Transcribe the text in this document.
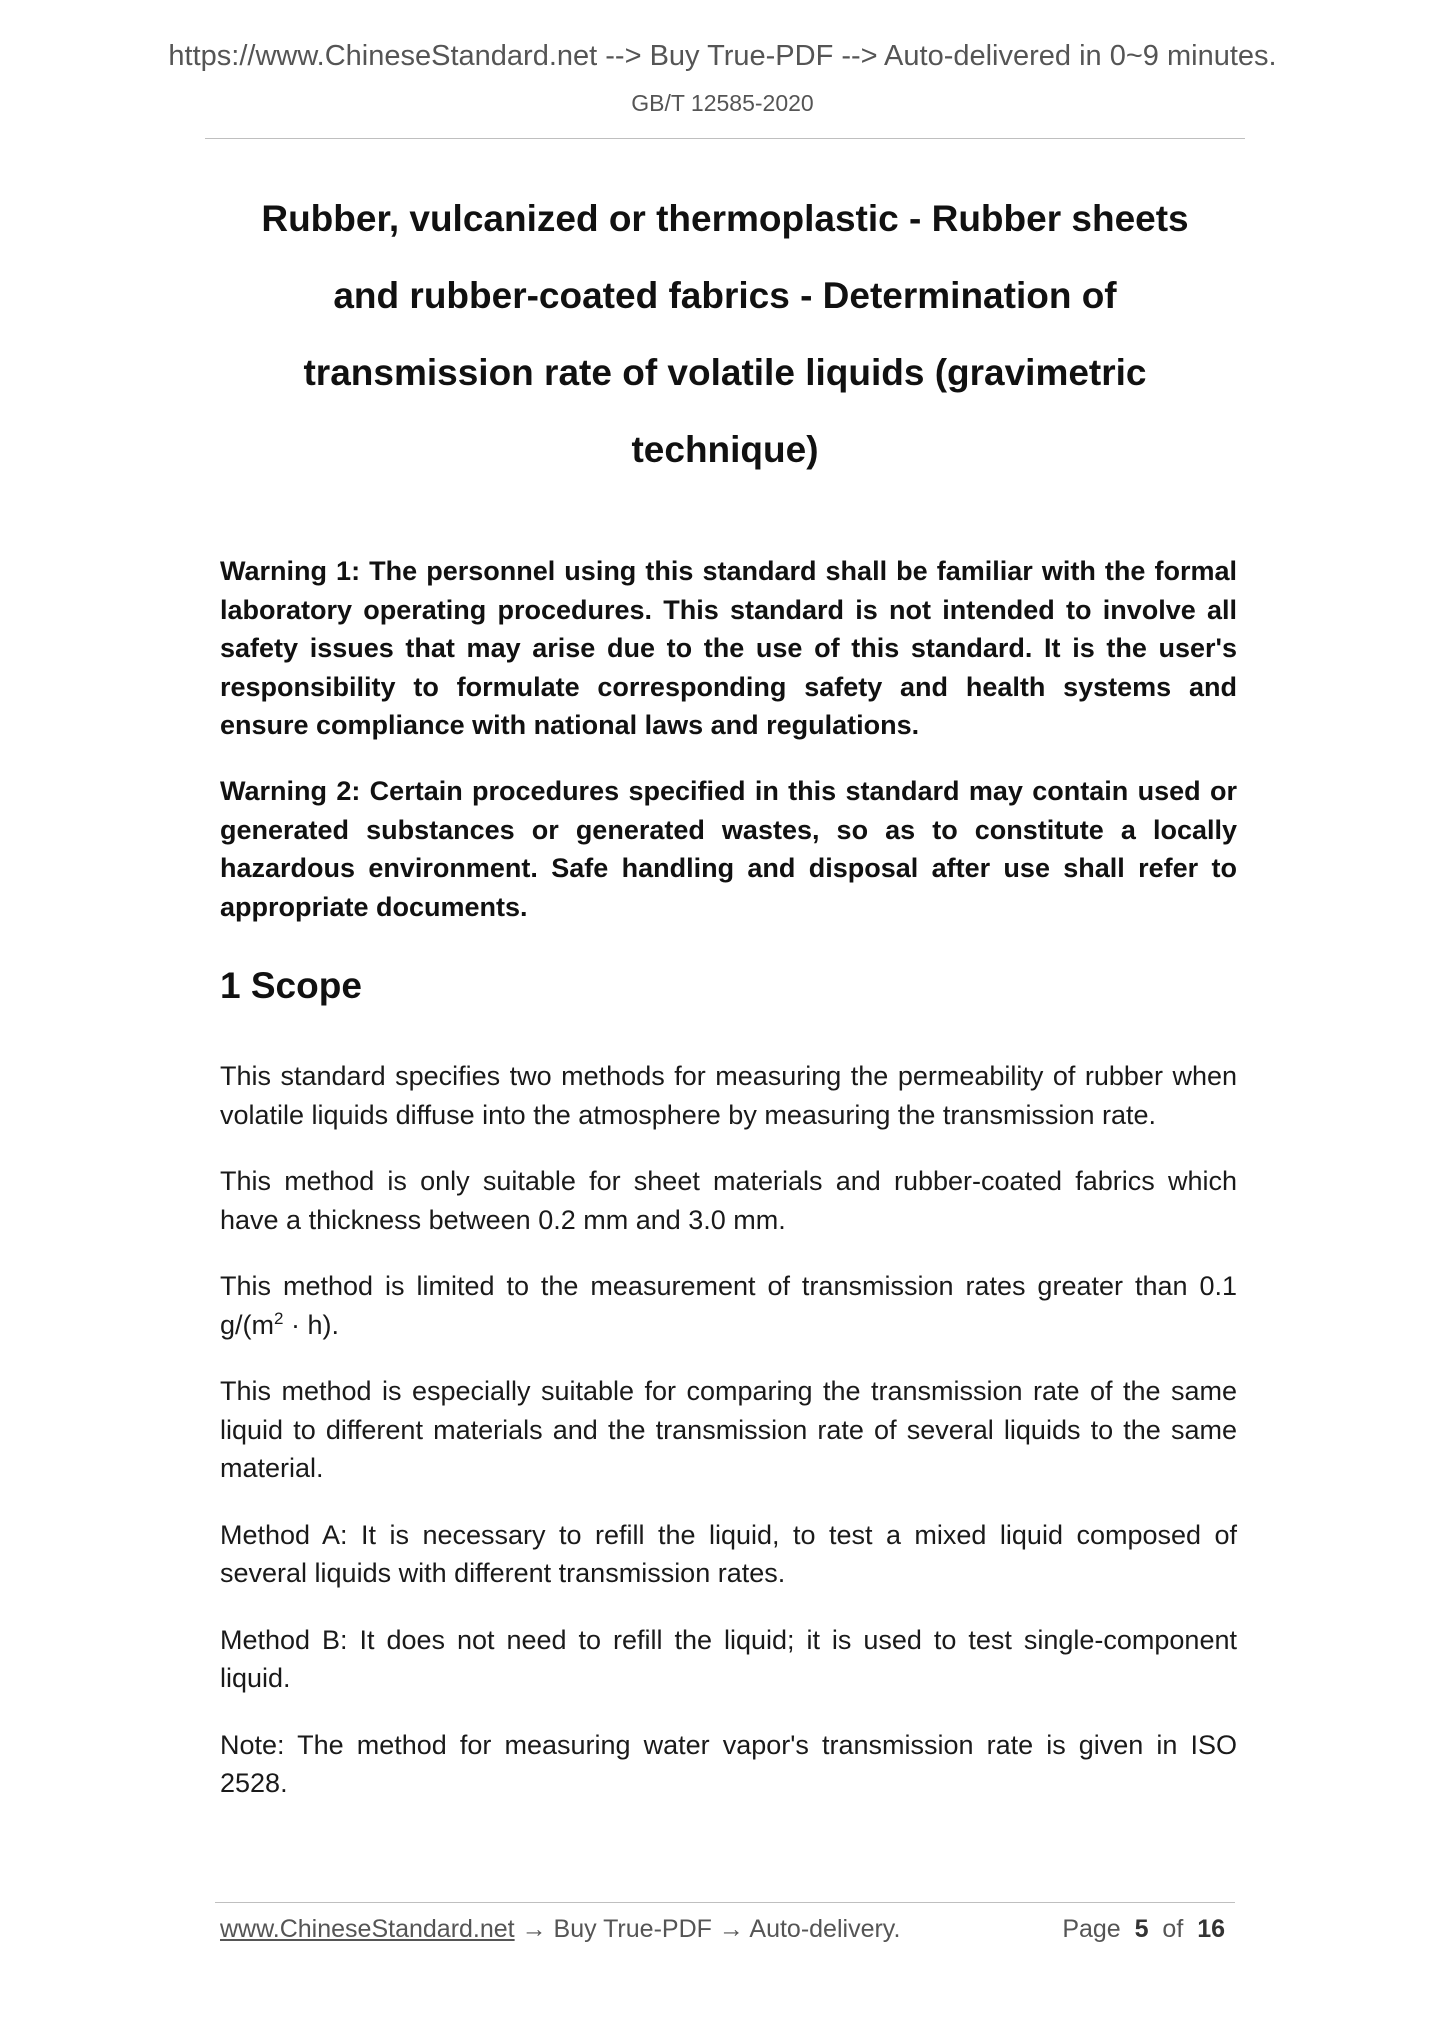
https://www.ChineseStandard.net --> Buy True-PDF --> Auto-delivered in 0~9 minutes.
GB/T 12585-2020
Rubber, vulcanized or thermoplastic - Rubber sheets
and rubber-coated fabrics - Determination of
transmission rate of volatile liquids (gravimetric
technique)

Warning 1: The personnel using this standard shall be familiar with the formal laboratory operating procedures. This standard is not intended to involve all safety issues that may arise due to the use of this standard. It is the user's responsibility to formulate corresponding safety and health systems and ensure compliance with national laws and regulations.

Warning 2: Certain procedures specified in this standard may contain used or generated substances or generated wastes, so as to constitute a locally hazardous environment. Safe handling and disposal after use shall refer to appropriate documents.

1 Scope

This standard specifies two methods for measuring the permeability of rubber when volatile liquids diffuse into the atmosphere by measuring the transmission rate.

This method is only suitable for sheet materials and rubber-coated fabrics which have a thickness between 0.2 mm and 3.0 mm.

This method is limited to the measurement of transmission rates greater than 0.1 $g/(m^2 \cdot h)$.

This method is especially suitable for comparing the transmission rate of the same liquid to different materials and the transmission rate of several liquids to the same material.

Method A: It is necessary to refill the liquid, to test a mixed liquid composed of several liquids with different transmission rates.

Method B: It does not need to refill the liquid; it is used to test single-component liquid.

Note: The method for measuring water vapor's transmission rate is given in ISO 2528.

www.ChineseStandard.net → Buy True-PDF → Auto-delivery.	Page 5 of 16
